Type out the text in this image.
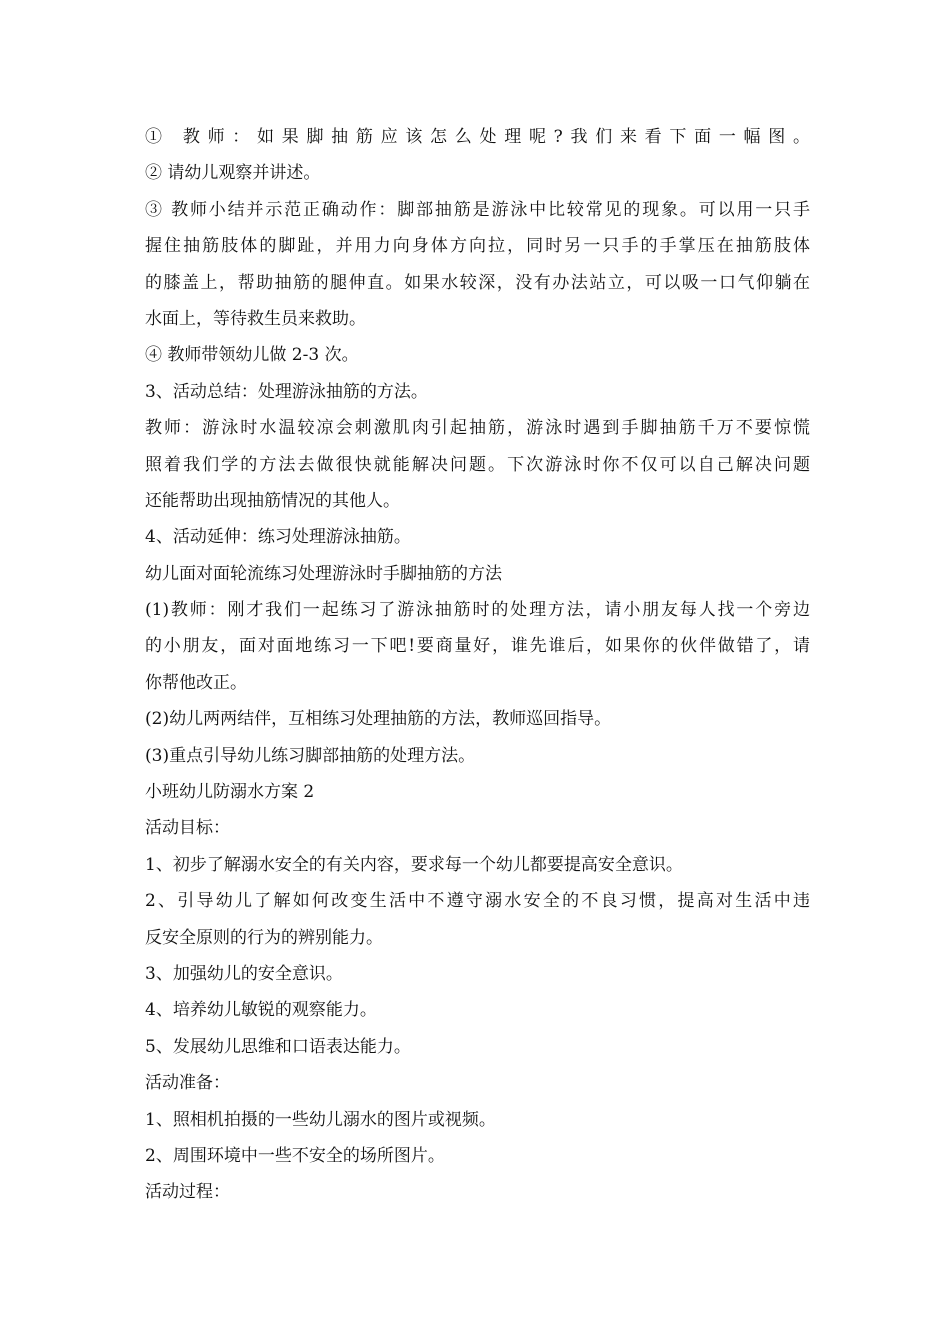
① 教师：如果脚抽筋应该怎么处理呢?我们来看下面一幅图。
② 请幼儿观察并讲述。
③ 教师小结并示范正确动作：脚部抽筋是游泳中比较常见的现象。可以用一只手
握住抽筋肢体的脚趾，并用力向身体方向拉，同时另一只手的手掌压在抽筋肢体
的膝盖上，帮助抽筋的腿伸直。如果水较深，没有办法站立，可以吸一口气仰躺在
水面上，等待救生员来救助。
④ 教师带领幼儿做 2-3 次。
3、活动总结：处理游泳抽筋的方法。
教师：游泳时水温较凉会刺激肌肉引起抽筋，游泳时遇到手脚抽筋千万不要惊慌
照着我们学的方法去做很快就能解决问题。下次游泳时你不仅可以自己解决问题
还能帮助出现抽筋情况的其他人。
4、活动延伸：练习处理游泳抽筋。
幼儿面对面轮流练习处理游泳时手脚抽筋的方法
(1)教师：刚才我们一起练习了游泳抽筋时的处理方法，请小朋友每人找一个旁边
的小朋友，面对面地练习一下吧!要商量好，谁先谁后，如果你的伙伴做错了，请
你帮他改正。
(2)幼儿两两结伴，互相练习处理抽筋的方法，教师巡回指导。
(3)重点引导幼儿练习脚部抽筋的处理方法。
小班幼儿防溺水方案 2
活动目标：
1、初步了解溺水安全的有关内容，要求每一个幼儿都要提高安全意识。
2、引导幼儿了解如何改变生活中不遵守溺水安全的不良习惯，提高对生活中违
反安全原则的行为的辨别能力。
3、加强幼儿的安全意识。
4、培养幼儿敏锐的观察能力。
5、发展幼儿思维和口语表达能力。
活动准备：
1、照相机拍摄的一些幼儿溺水的图片或视频。
2、周围环境中一些不安全的场所图片。
活动过程：
